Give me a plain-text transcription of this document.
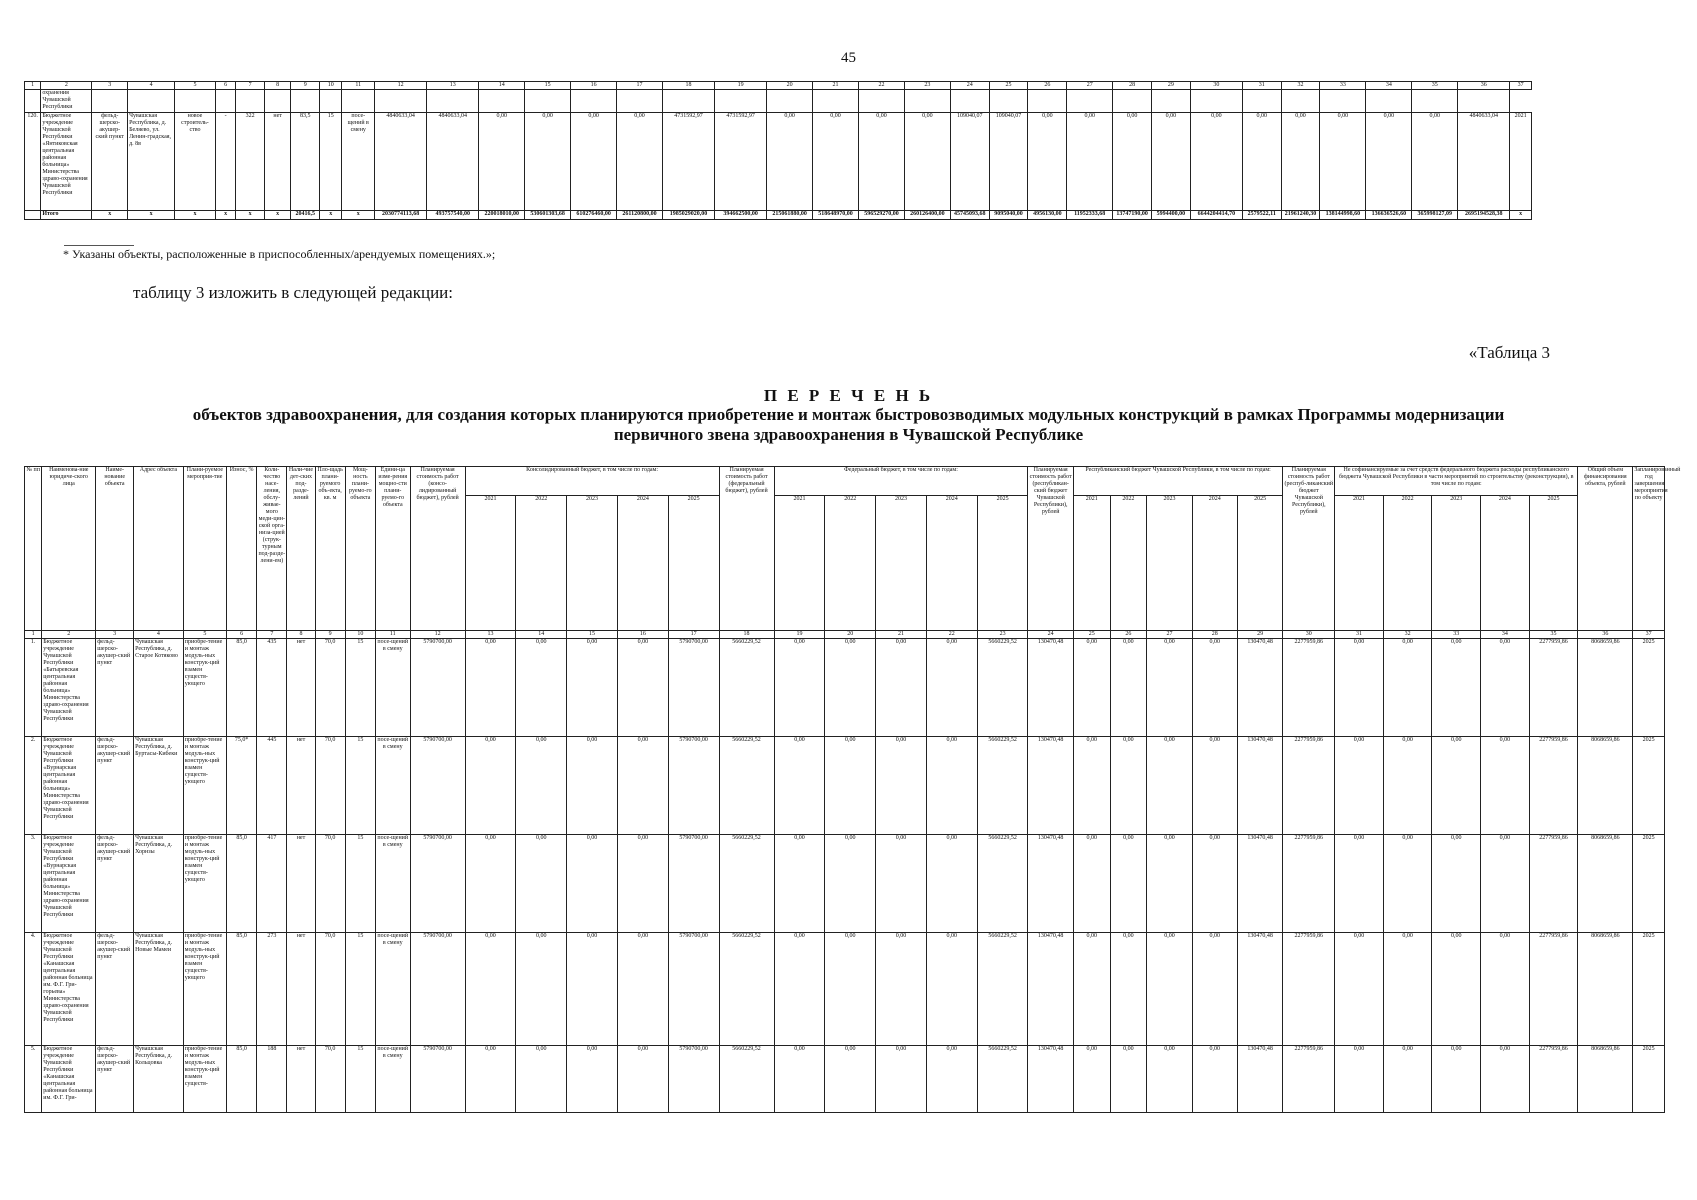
45
1	2	3	4	5	6	7	8	9	10	11	12	13	14	15	16	17	18	19	20	21	22	23	24	25	26	27	28	29	30	31	32	33	34	35	36	37
	охранения Чувашской Республики																																			
120.	Бюджетное учреждение Чувашской Республики «Янтиковская центральная районная больница» Министерства здраво-охранения Чувашской Республики	фельд-шерско-акушер-ский пункт	Чувашская Республика, д. Беляево, ул. Ленин-градская, д. 8в	новое строитель-ство	-	322	нет	83,5	15	посе-щений в смену	4840633,04	4840633,04	0,00	0,00	0,00	0,00	4731592,97	4731592,97	0,00	0,00	0,00	0,00	109040,07	109040,07	0,00	0,00	0,00	0,00	0,00	0,00	0,00	0,00	0,00	0,00	4840633,04	2021
	Итого	x	x	x	x	x	x	20416,5	x	x	2030774113,68	493757540,00	220018010,00	530601303,68	610276460,00	261120800,00	1985029020,00	394662500,00	215061880,00	518648970,00	596529270,00	260126400,00	45745093,68	9095040,00	4956130,00	11952333,68	13747190,00	5994400,00	6644204414,70	2579522,11	21961240,30	138144998,60	136636526,60	365998127,09	2695194528,38	x
* Указаны объекты, расположенные в приспособленных/арендуемых помещениях.»;
таблицу 3 изложить в следующей редакции:
«Таблица 3
П Е Р Е Ч Е Н Ь
объектов здравоохранения, для создания которых планируются приобретение и монтаж быстровозводимых модульных конструкций в рамках Программы модернизации
первичного звена здравоохранения в Чувашской Республике
№ пп	Наименова-ние юридиче-ского лица	Наиме-нование объекта	Адрес объекта	Плани-руемое мероприя-тие	Износ, %	Коли-чество насе-ления, обслу-живае-мого меди-цин-ской орга-низа-цией (струк-турным под-разде-лени-ем)	Нали-чие дет-ских под-разде-лений	Пло-щадь плани-руемого объ-екта, кв. м	Мощ-ность плани-руемо-го объекта	Едини-ца изме-рения мощно-сти плани-руемо-го объекта	Планируемая стоимость работ (консо-лидированный бюджет), рублей	Консолидированный бюджет, в том числе по годам:					Планируемая стоимость работ (федеральный бюджет), рублей	Федеральный бюджет, в том числе по годам:					Планируемая стоимость работ (республикан-ский бюджет Чувашской Республики), рублей	Республиканский бюджет Чувашской Республики, в том числе по годам:					Планируемая стоимость работ (респуб-ликанский бюджет Чувашской Республики), рублей	Не софинансируемые за счет средств федерального бюджета расходы республиканского бюджета Чувашской Республики в части мероприятий по строительству (реконструкции), в том числе по годам:					Общий объем финансирования объекта, рублей	Запланированный год завершения мероприятия по объекту
												2021	2022	2023	2024	2025		2021	2022	2023	2024	2025		2021	2022	2023	2024	2025		2021	2022	2023	2024	2025		
1	2	3	4	5	6	7	8	9	10	11	12	13	14	15	16	17	18	19	20	21	22	23	24	25	26	27	28	29	30	31	32	33	34	35	36	37
1.	Бюджетное учреждение Чувашской Республики «Батыревская центральная районная больница» Министерства здраво-охранения Чувашской Республики	фельд-шерско-акушер-ский пункт	Чувашская Республика, д. Старое Котяково	приобре-тение и монтаж модуль-ных конструк-ций взамен существ-ующего	85,0	435	нет	70,0	15	посе-щений в смену	5790700,00	0,00	0,00	0,00	0,00	5790700,00	5660229,52	0,00	0,00	0,00	0,00	5660229,52	130470,48	0,00	0,00	0,00	0,00	130470,48	2277959,86	0,00	0,00	0,00	0,00	2277959,86	8068659,86	2025
2.	Бюджетное учреждение Чувашской Республики «Вурнарская центральная районная больница» Министерства здраво-охранения Чувашской Республики	фельд-шерско-акушер-ский пункт	Чувашская Республика, д. Буртасы-Кибеки	приобре-тение и монтаж модуль-ных конструк-ций взамен существ-ующего	75,0*	445	нет	70,0	15	посе-щений в смену	5790700,00	0,00	0,00	0,00	0,00	5790700,00	5660229,52	0,00	0,00	0,00	0,00	5660229,52	130470,48	0,00	0,00	0,00	0,00	130470,48	2277959,86	0,00	0,00	0,00	0,00	2277959,86	8068659,86	2025
3.	Бюджетное учреждение Чувашской Республики «Вурнарская центральная районная больница» Министерства здраво-охранения Чувашской Республики	фельд-шерско-акушер-ский пункт	Чувашская Республика, д. Хорнзы	приобре-тение и монтаж модуль-ных конструк-ций взамен существ-ующего	85,0	417	нет	70,0	15	посе-щений в смену	5790700,00	0,00	0,00	0,00	0,00	5790700,00	5660229,52	0,00	0,00	0,00	0,00	5660229,52	130470,48	0,00	0,00	0,00	0,00	130470,48	2277959,86	0,00	0,00	0,00	0,00	2277959,86	8068659,86	2025
4.	Бюджетное учреждение Чувашской Республики «Канашская центральная районная больница им. Ф.Г. Гри-горьева» Министерства здраво-охранения Чувашской Республики	фельд-шерско-акушер-ский пункт	Чувашская Республика, д. Новые Мамеи	приобре-тение и монтаж модуль-ных конструк-ций взамен существ-ующего	85,0	273	нет	70,0	15	посе-щений в смену	5790700,00	0,00	0,00	0,00	0,00	5790700,00	5660229,52	0,00	0,00	0,00	0,00	5660229,52	130470,48	0,00	0,00	0,00	0,00	130470,48	2277959,86	0,00	0,00	0,00	0,00	2277959,86	8068659,86	2025
5.	Бюджетное учреждение Чувашской Республики «Канашская центральная районная больница им. Ф.Г. Гри-	фельд-шерско-акушер-ский пункт	Чувашская Республика, д. Кольцовка	приобре-тение и монтаж модуль-ных конструк-ций взамен существ-	85,0	188	нет	70,0	15	посе-щений в смену	5790700,00	0,00	0,00	0,00	0,00	5790700,00	5660229,52	0,00	0,00	0,00	0,00	5660229,52	130470,48	0,00	0,00	0,00	0,00	130470,48	2277959,86	0,00	0,00	0,00	0,00	2277959,86	8068659,86	2025
